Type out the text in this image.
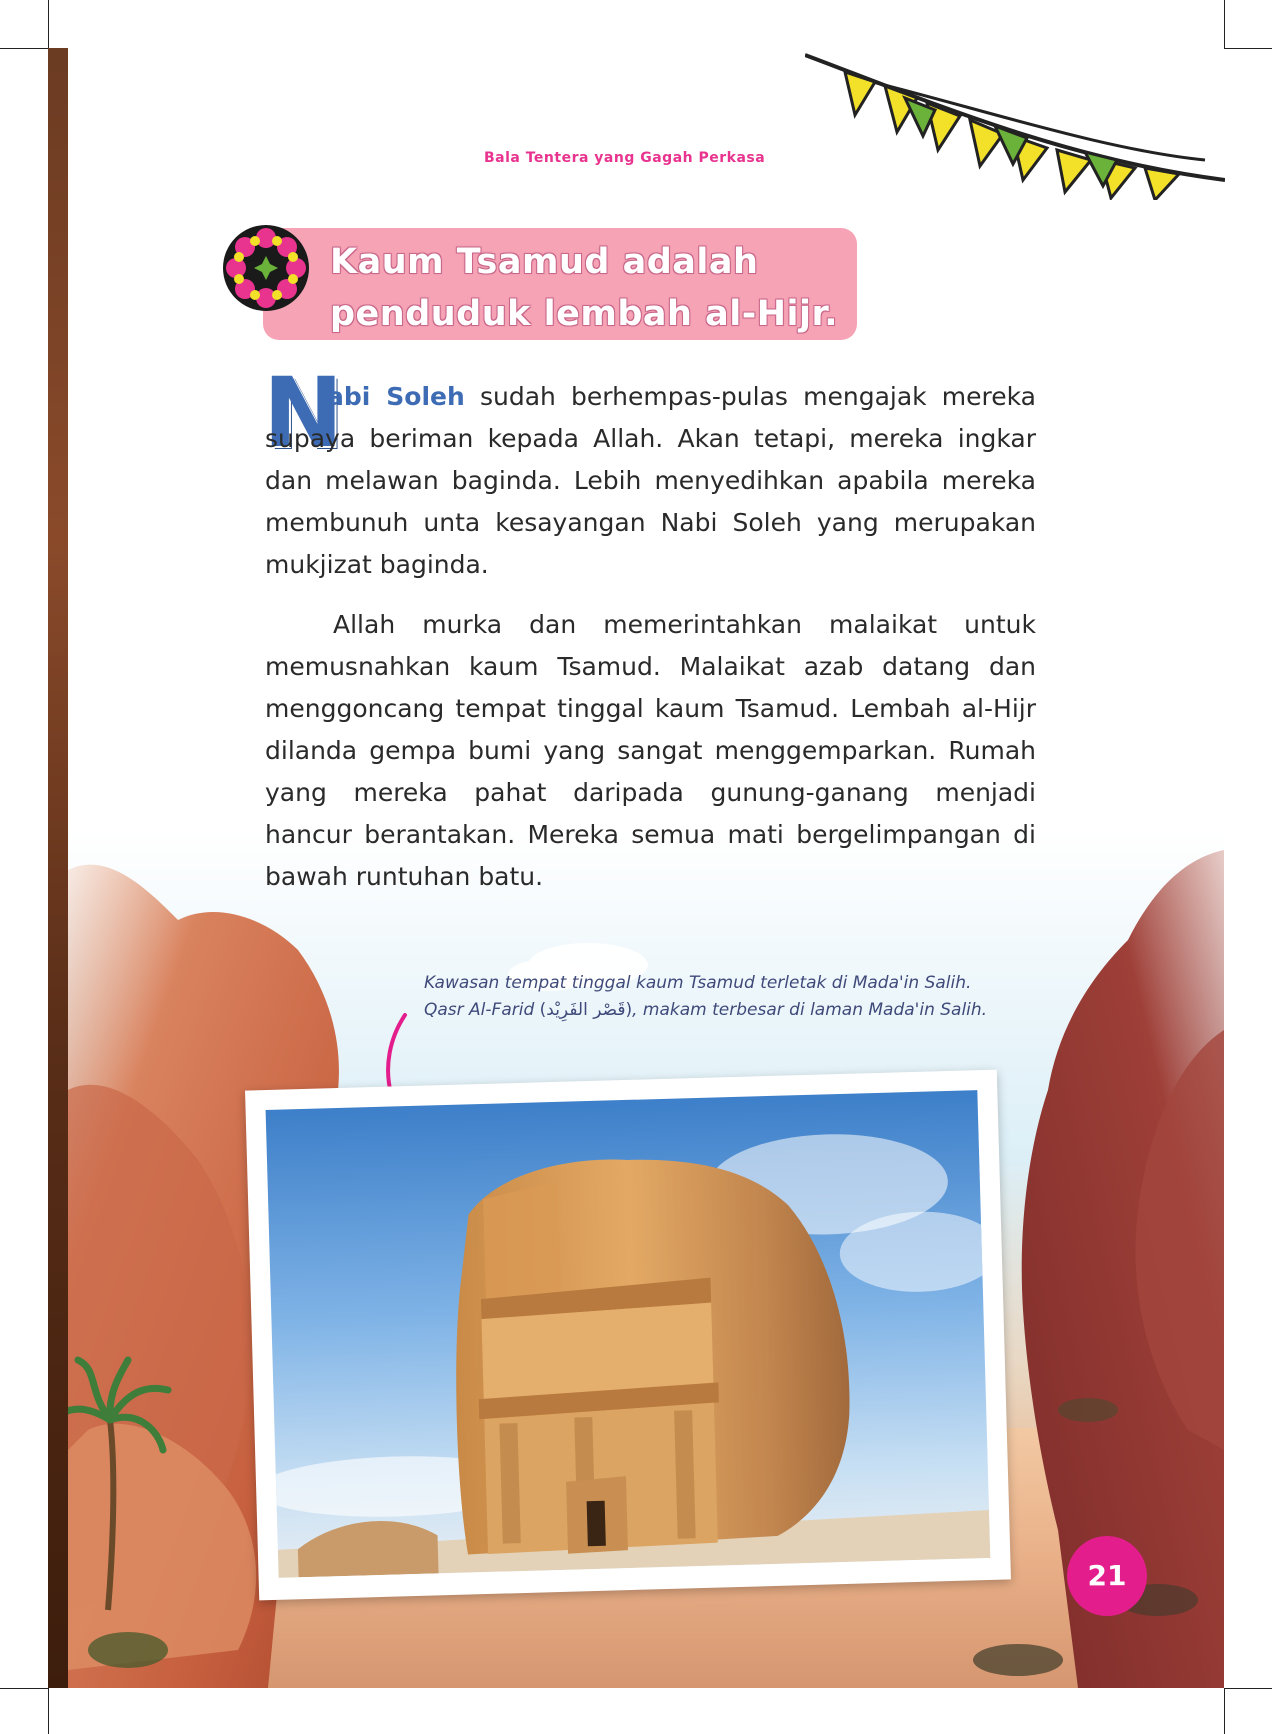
Bala Tentera yang Gagah Perkasa
Kaum Tsamud adalah
penduduk lembah al-Hijr.
N
abi Soleh sudah berhempas-pulas mengajak mereka supaya beriman kepada Allah. Akan tetapi, mereka ingkar dan melawan baginda. Lebih menyedihkan apabila mereka membunuh unta kesayangan Nabi Soleh yang merupakan mukjizat baginda.
Allah murka dan memerintahkan malaikat untuk memusnahkan kaum Tsamud. Malaikat azab datang dan menggoncang tempat tinggal kaum Tsamud. Lembah al-Hijr dilanda gempa bumi yang sangat menggemparkan. Rumah yang mereka pahat daripada gunung-ganang menjadi hancur berantakan. Mereka semua mati bergelimpangan di bawah runtuhan batu.
Kawasan tempat tinggal kaum Tsamud terletak di Mada'in Salih.
Qasr Al-Farid (قَصْر الفَرِيْد), makam terbesar di laman Mada'in Salih.
21
